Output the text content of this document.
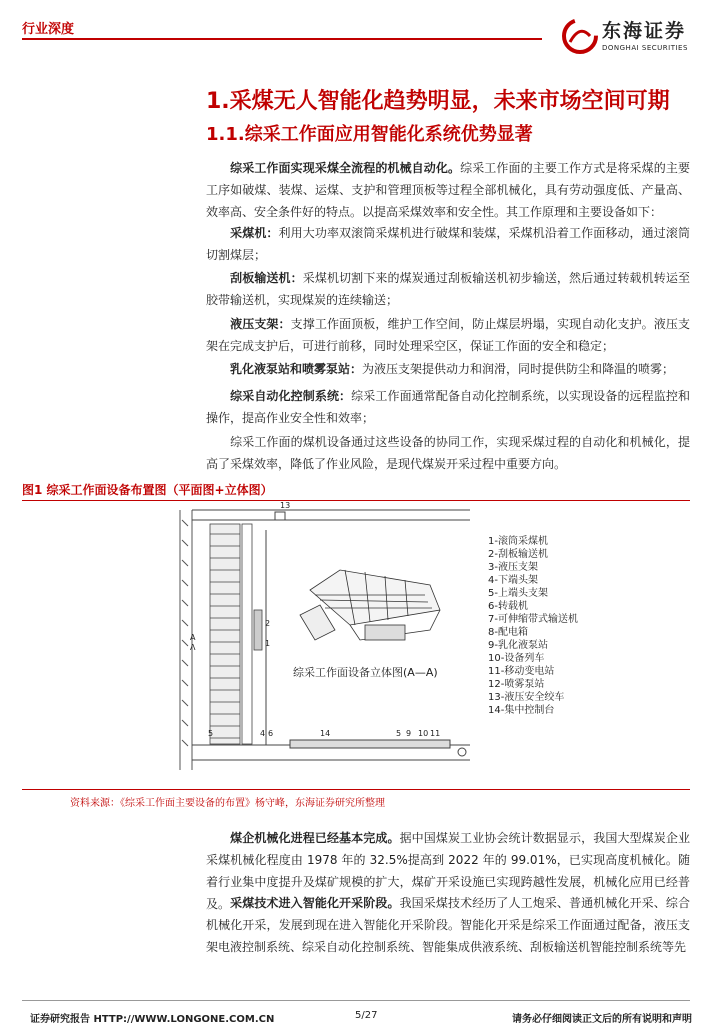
行业深度	东海证券
DONGHAI SECURITIES
1.采煤无人智能化趋势明显，未来市场空间可期
1.1.综采工作面应用智能化系统优势显著

综采工作面实现采煤全流程的机械自动化。综采工作面的主要工作方式是将采煤的主要工序如破煤、装煤、运煤、支护和管理顶板等过程全部机械化，具有劳动强度低、产量高、效率高、安全条件好的特点。以提高采煤效率和安全性。其工作原理和主要设备如下：

采煤机：利用大功率双滚筒采煤机进行破煤和装煤，采煤机沿着工作面移动，通过滚筒切割煤层；

刮板输送机：采煤机切割下来的煤炭通过刮板输送机初步输送，然后通过转载机转运至胶带输送机，实现煤炭的连续输送；

液压支架：支撑工作面顶板，维护工作空间，防止煤层坍塌，实现自动化支护。液压支架在完成支护后，可进行前移，同时处理采空区，保证工作面的安全和稳定；

乳化液泵站和喷雾泵站：为液压支架提供动力和润滑，同时提供防尘和降温的喷雾；

综采自动化控制系统：综采工作面通常配备自动化控制系统，以实现设备的远程监控和操作，提高作业安全性和效率；

综采工作面的煤机设备通过这些设备的协同工作，实现采煤过程的自动化和机械化，提高了采煤效率，降低了作业风险，是现代煤炭开采过程中重要方向。

图1 综采工作面设备布置图（平面图+立体图）
13
2
1
5	4 6	14	5 9 10 11
A
Λ
综采工作面设备立体图(A—A)
1-滚筒采煤机
2-刮板输送机
3-液压支架
4-下端头架
5-上端头支架
6-转载机
7-可伸缩带式输送机
8-配电箱
9-乳化液泵站
10-设备列车
11-移动变电站
12-喷雾泵站
13-液压安全绞车
14-集中控制台
资料来源：《综采工作面主要设备的布置》杨守峰，东海证券研究所整理

煤企机械化进程已经基本完成。据中国煤炭工业协会统计数据显示，我国大型煤炭企业采煤机械化程度由 1978 年的 32.5%提高到 2022 年的 99.01%，已实现高度机械化。随着行业集中度提升及煤矿规模的扩大，煤矿开采设施已实现跨越性发展，机械化应用已经普及。 采煤技术进入智能化开采阶段。我国采煤技术经历了人工炮采、普通机械化开采、综合机械化开采，发展到现在进入智能化开采阶段。智能化开采是综采工作面通过配备，液压支架电液控制系统、综采自动化控制系统、智能集成供液系统、刮板输送机智能控制系统等先

证券研究报告 HTTP://WWW.LONGONE.COM.CN	5/27	请务必仔细阅读正文后的所有说明和声明
